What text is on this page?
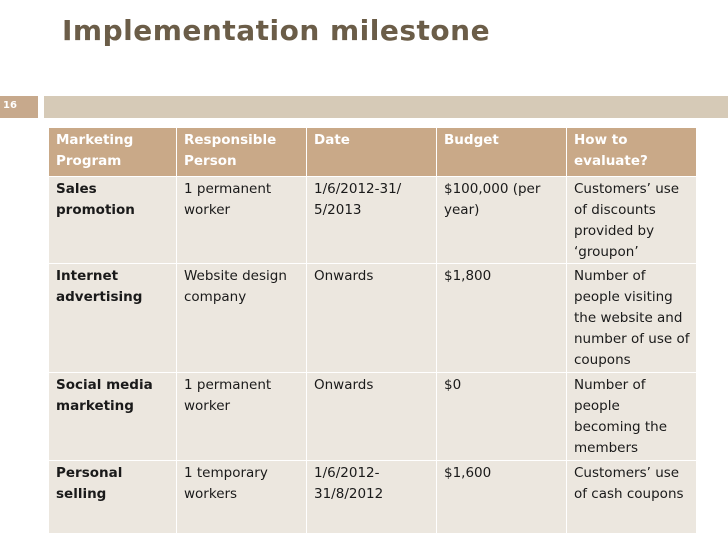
Implementation milestone
16
Marketing Program	Responsible Person	Date	Budget	How to evaluate?
Sales promotion	1 permanent worker	1/6/2012-31/ 5/2013	$100,000 (per year)	Customers’ use of discounts provided by ‘groupon’
Internet advertising	Website design company	Onwards	$1,800	Number of people visiting the website and number of use of coupons
Social media marketing	1 permanent worker	Onwards	$0	Number of people becoming the members
Personal selling	1 temporary workers	1/6/2012- 31/8/2012	$1,600	Customers’ use of cash coupons
